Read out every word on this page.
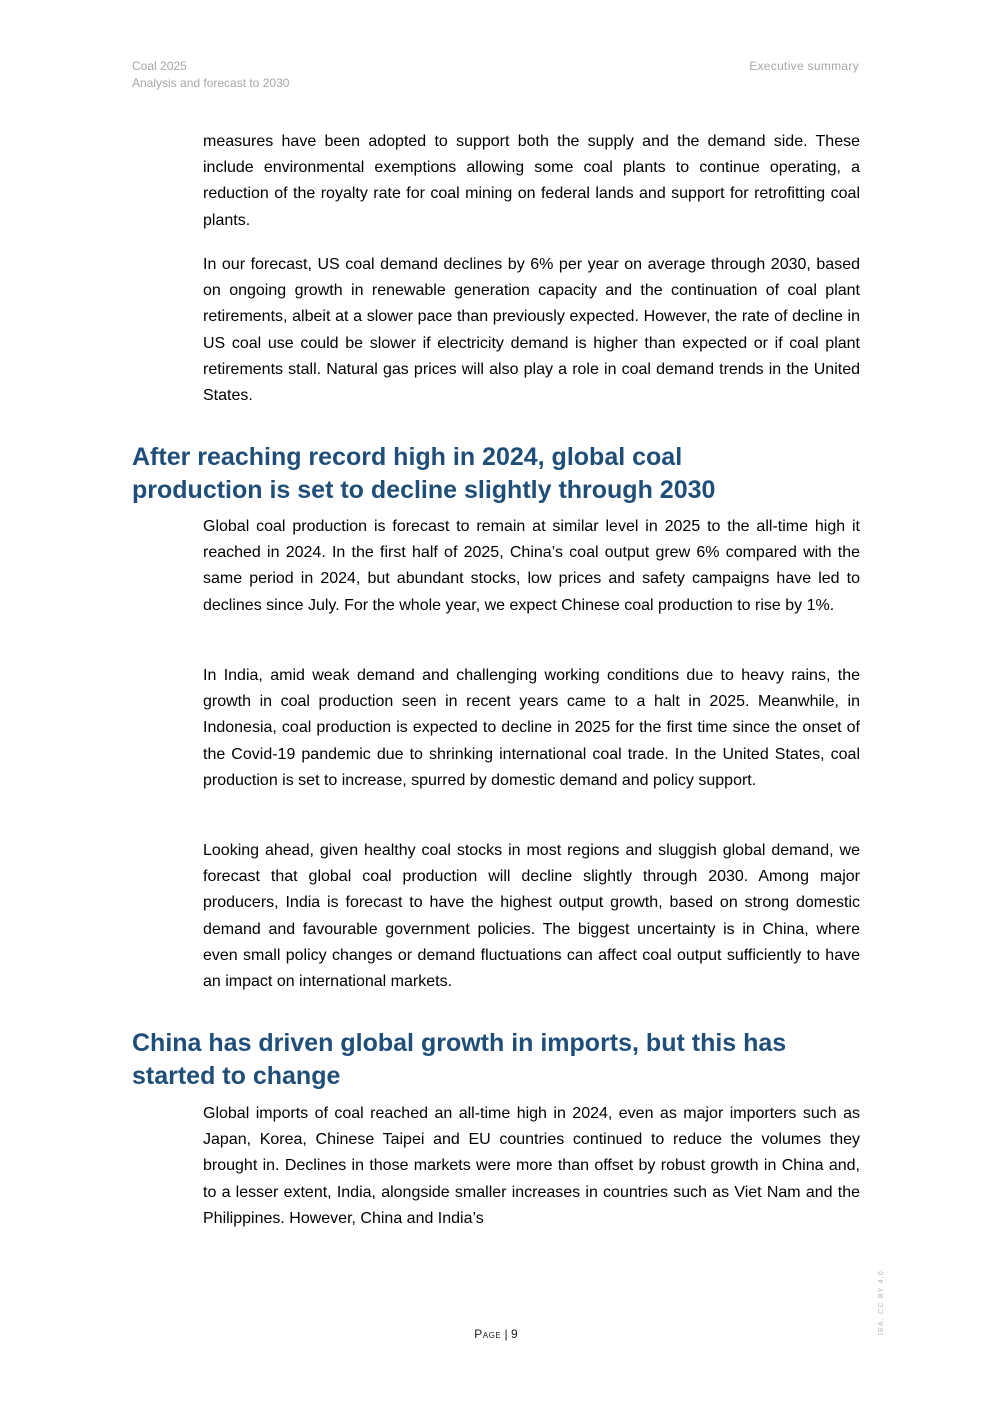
Coal 2025
Analysis and forecast to 2030
Executive summary

measures have been adopted to support both the supply and the demand side. These include environmental exemptions allowing some coal plants to continue operating, a reduction of the royalty rate for coal mining on federal lands and support for retrofitting coal plants.

In our forecast, US coal demand declines by 6% per year on average through 2030, based on ongoing growth in renewable generation capacity and the continuation of coal plant retirements, albeit at a slower pace than previously expected. However, the rate of decline in US coal use could be slower if electricity demand is higher than expected or if coal plant retirements stall. Natural gas prices will also play a role in coal demand trends in the United States.

After reaching record high in 2024, global coal
production is set to decline slightly through 2030

Global coal production is forecast to remain at similar level in 2025 to the all-time high it reached in 2024. In the first half of 2025, China’s coal output grew 6% compared with the same period in 2024, but abundant stocks, low prices and safety campaigns have led to declines since July. For the whole year, we expect Chinese coal production to rise by 1%.

In India, amid weak demand and challenging working conditions due to heavy rains, the growth in coal production seen in recent years came to a halt in 2025. Meanwhile, in Indonesia, coal production is expected to decline in 2025 for the first time since the onset of the Covid-19 pandemic due to shrinking international coal trade. In the United States, coal production is set to increase, spurred by domestic demand and policy support.

Looking ahead, given healthy coal stocks in most regions and sluggish global demand, we forecast that global coal production will decline slightly through 2030. Among major producers, India is forecast to have the highest output growth, based on strong domestic demand and favourable government policies. The biggest uncertainty is in China, where even small policy changes or demand fluctuations can affect coal output sufficiently to have an impact on international markets.

China has driven global growth in imports, but this has
started to change

Global imports of coal reached an all-time high in 2024, even as major importers such as Japan, Korea, Chinese Taipei and EU countries continued to reduce the volumes they brought in. Declines in those markets were more than offset by robust growth in China and, to a lesser extent, India, alongside smaller increases in countries such as Viet Nam and the Philippines. However, China and India’s

Page | 9	IEA. CC BY 4.0.
